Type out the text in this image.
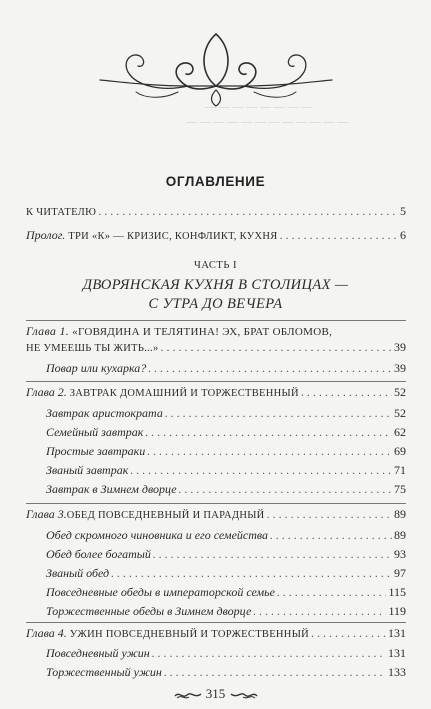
— — — — — — — —
— — — — — — — — — — — —
ОГЛАВЛЕНИЕ
К ЧИТАТЕЛЮ . . .	5
Пролог. ТРИ «К» — КРИЗИС, КОНФЛИКТ, КУХНЯ . . .	6
ЧАСТЬ I
ДВОРЯНСКАЯ КУХНЯ В СТОЛИЦАХ —
С УТРА ДО ВЕЧЕРА
Глава 1. «ГОВЯДИНА И ТЕЛЯТИНА! ЭХ, БРАТ ОБЛОМОВ,
НЕ УМЕЕШЬ ТЫ ЖИТЬ...» . . .	39
Повар или кухарка? . . .	39
Глава 2. ЗАВТРАК ДОМАШНИЙ И ТОРЖЕСТВЕННЫЙ . . .	52
Завтрак аристократа . . .	52
Семейный завтрак . . .	62
Простые завтраки . . .	69
Званый завтрак . . .	71
Завтрак в Зимнем дворце . . .	75
Глава 3.ОБЕД ПОВСЕДНЕВНЫЙ И ПАРАДНЫЙ . . .	89
Обед скромного чиновника и его семейства . . .	89
Обед более богатый . . .	93
Званый обед . . .	97
Повседневные обеды в императорской семье . . .	115
Торжественные обеды в Зимнем дворце . . .	119
Глава 4. УЖИН ПОВСЕДНЕВНЫЙ И ТОРЖЕСТВЕННЫЙ . . .	131
Повседневный ужин . . .	131
Торжественный ужин . . .	133
315
